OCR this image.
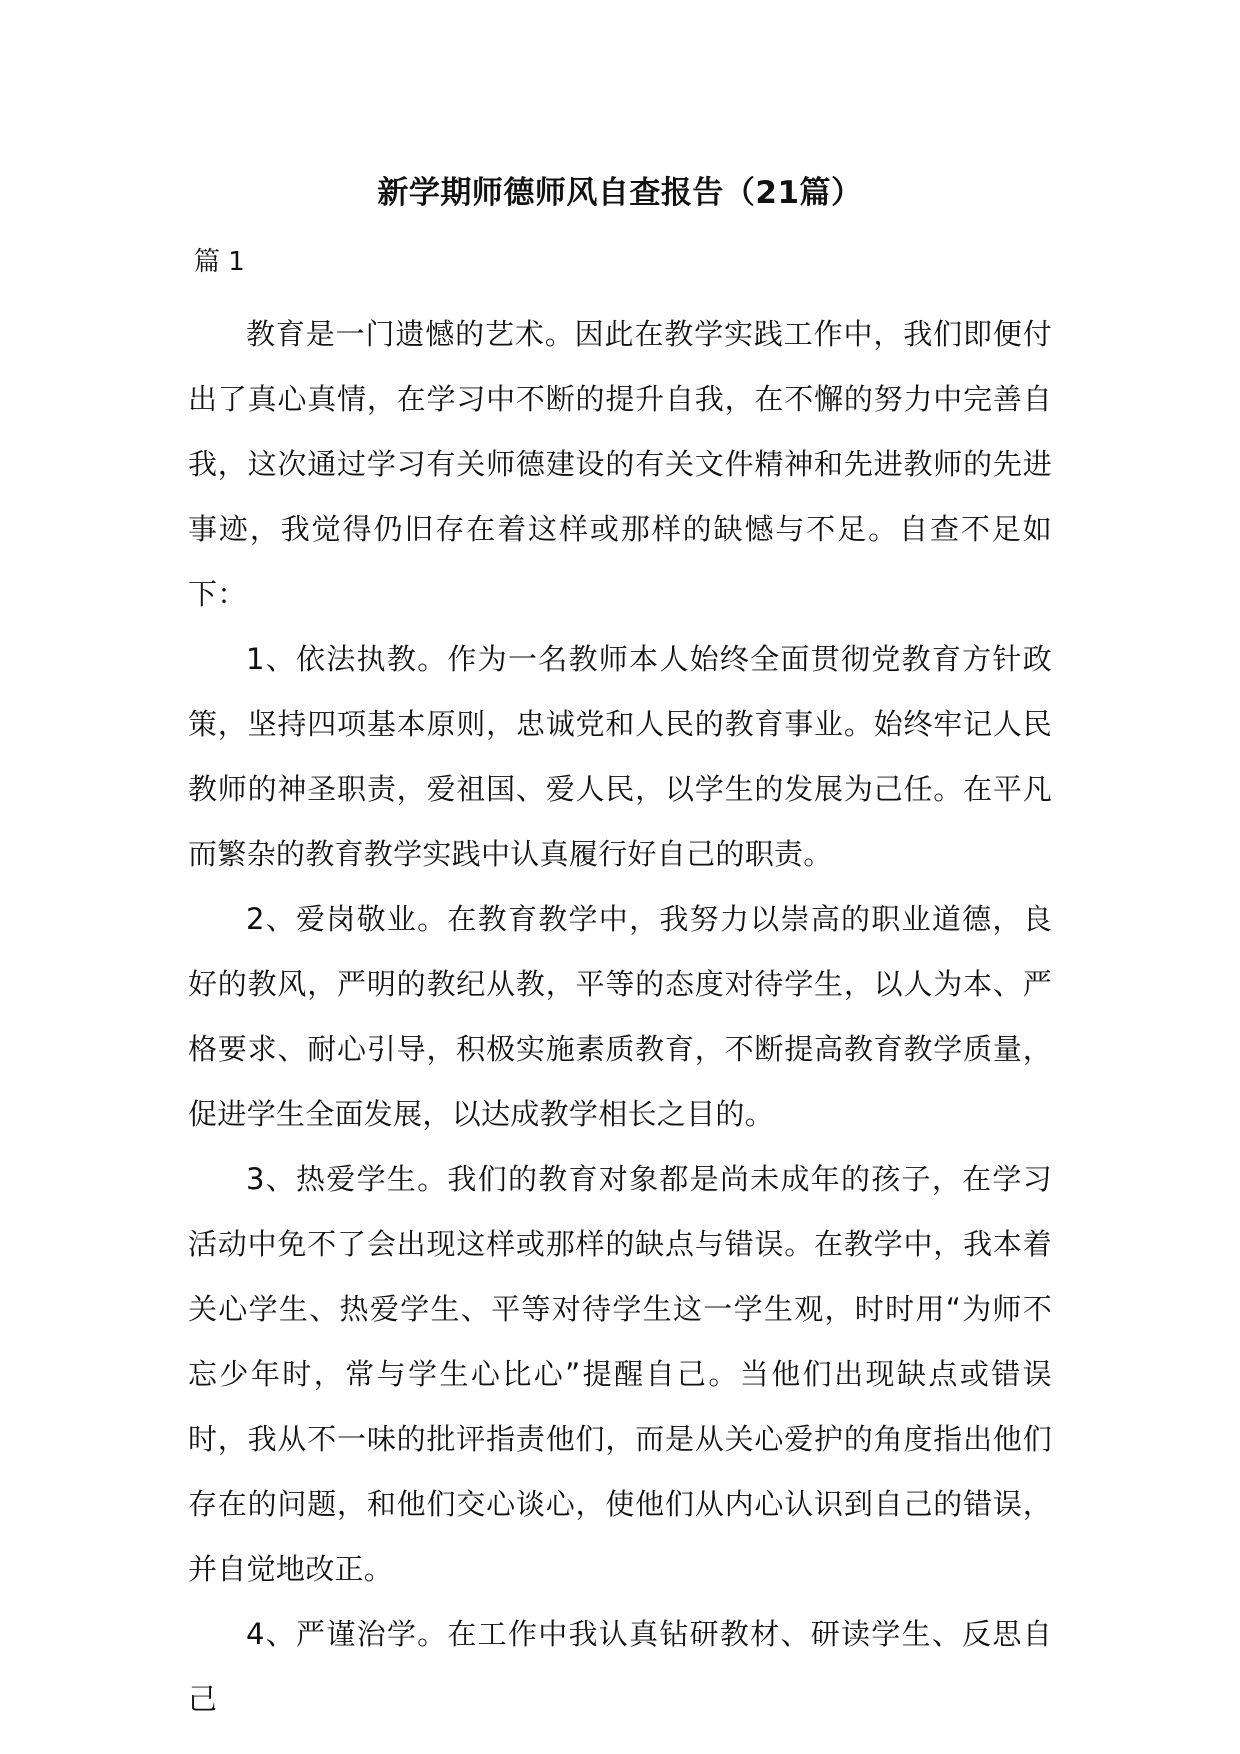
新学期师德师风自查报告（21篇）
篇 1

教育是一门遗憾的艺术。因此在教学实践工作中，我们即便付出了真心真情，在学习中不断的提升自我，在不懈的努力中完善自我，这次通过学习有关师德建设的有关文件精神和先进教师的先进事迹，我觉得仍旧存在着这样或那样的缺憾与不足。自查不足如下：

1、依法执教。作为一名教师本人始终全面贯彻党教育方针政策，坚持四项基本原则，忠诚党和人民的教育事业。始终牢记人民教师的神圣职责，爱祖国、爱人民，以学生的发展为己任。在平凡而繁杂的教育教学实践中认真履行好自己的职责。

2、爱岗敬业。在教育教学中，我努力以崇高的职业道德，良好的教风，严明的教纪从教，平等的态度对待学生，以人为本、严格要求、耐心引导，积极实施素质教育，不断提高教育教学质量，促进学生全面发展，以达成教学相长之目的。

3、热爱学生。我们的教育对象都是尚未成年的孩子，在学习活动中免不了会出现这样或那样的缺点与错误。在教学中，我本着关心学生、热爱学生、平等对待学生这一学生观，时时用“为师不忘少年时，常与学生心比心”提醒自己。当他们出现缺点或错误时，我从不一味的批评指责他们，而是从关心爱护的角度指出他们存在的问题，和他们交心谈心，使他们从内心认识到自己的错误，并自觉地改正。

4、严谨治学。在工作中我认真钻研教材、研读学生、反思自己
